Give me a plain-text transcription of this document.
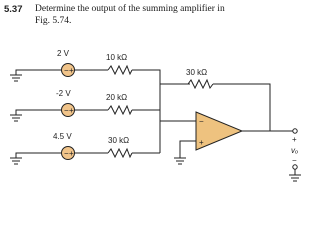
5.37 Determine the output of the summing amplifier in
Fig. 5.74.
− +
− +
− +
2 V
-2 V
4.5 V
10 kΩ
20 kΩ
30 kΩ
30 kΩ
−
+	+
vₒ
−
